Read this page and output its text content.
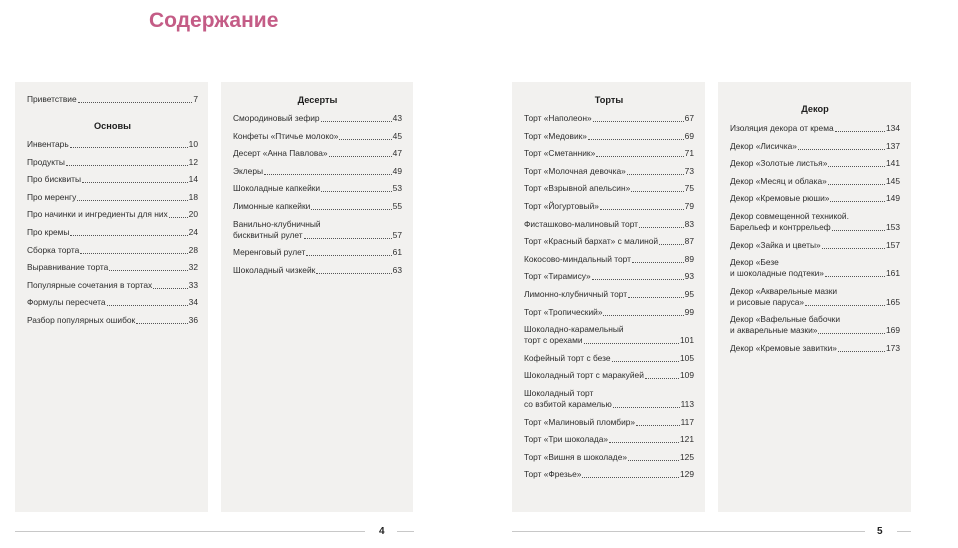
Содержание
Приветствие	7
Основы
Инвентарь	10
Продукты	12
Про бисквиты	14
Про меренгу	18
Про начинки и ингредиенты для них 20
Про кремы	24
Сборка торта	28
Выравнивание торта	32
Популярные сочетания в тортах	33
Формулы пересчета	34
Разбор популярных ошибок	36
Десерты
Смородиновый зефир	43
Конфеты «Птичье молоко»	45
Десерт «Анна Павлова»	47
Эклеры	49
Шоколадные капкейки	53
Лимонные капкейки	55
Ванильно-клубничный
бисквитный рулет	57
Меренговый рулет	61
Шоколадный чизкейк	63
Торты
Торт «Наполеон»	67
Торт «Медовик»	69
Торт «Сметанник»	71
Торт «Молочная девочка»	73
Торт «Взрывной апельсин»	75
Торт «Йогуртовый»	79
Фисташково-малиновый торт	83
Торт «Красный бархат» с малиной	87
Кокосово-миндальный торт	89
Торт «Тирамису»	93
Лимонно-клубничный торт	95
Торт «Тропический»	99
Шоколадно-карамельный
торт с орехами	101
Кофейный торт с безе	105
Шоколадный торт с маракуйей	109
Шоколадный торт
со взбитой карамелью	113
Торт «Малиновый пломбир»	117
Торт «Три шоколада»	121
Торт «Вишня в шоколаде»	125
Торт «Фрезье»	129
Декор
Изоляция декора от крема	134
Декор «Лисичка»	137
Декор «Золотые листья»	141
Декор «Месяц и облака»	145
Декор «Кремовые рюши»	149
Декор совмещенной техникой.
Барельеф и контррельеф	153
Декор «Зайка и цветы»	157
Декор «Безе
и шоколадные подтеки»	161
Декор «Акварельные мазки
и рисовые паруса»	165
Декор «Вафельные бабочки
и акварельные мазки»	169
Декор «Кремовые завитки»	173
4	5
